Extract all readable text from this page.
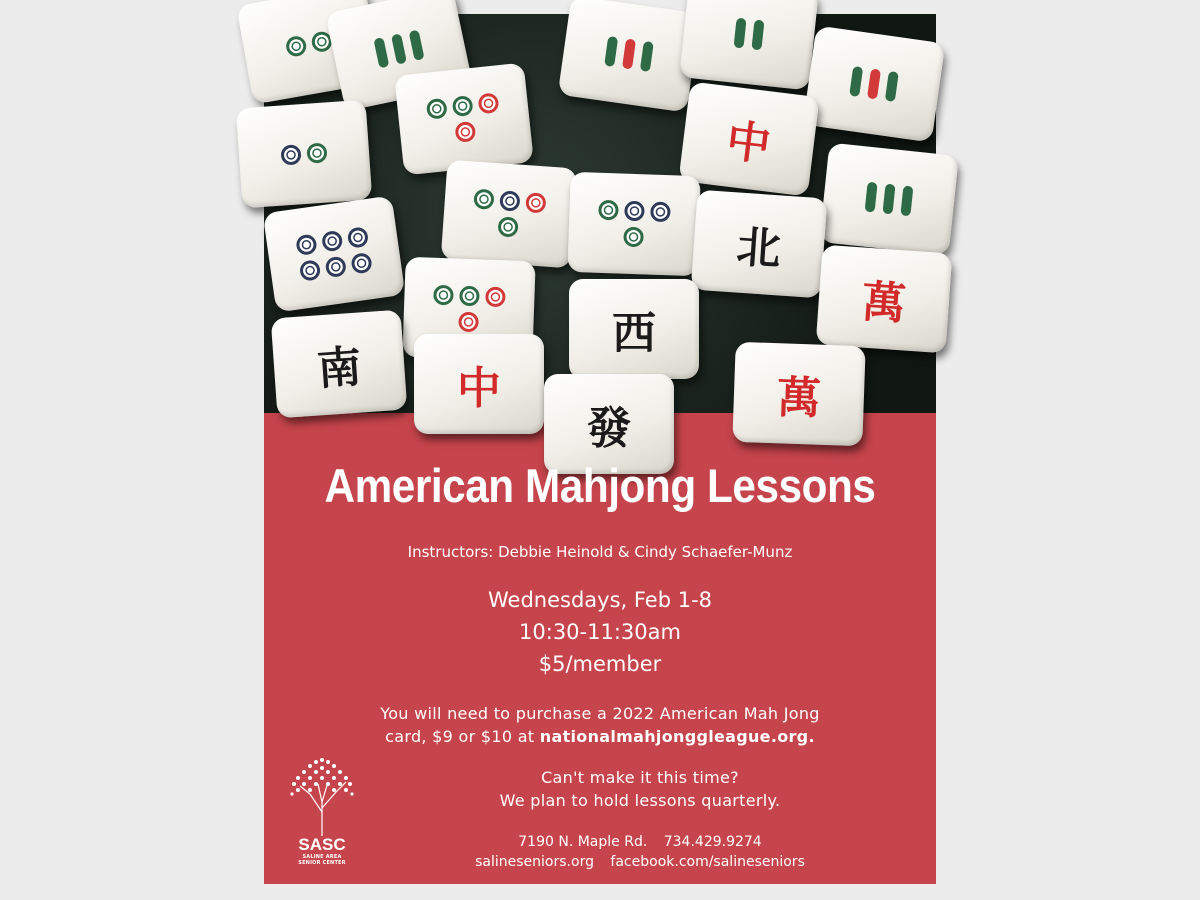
中
北
萬
西
南	中
發
萬
American Mahjong Lessons
Instructors: Debbie Heinold & Cindy Schaefer-Munz
Wednesdays, Feb 1-8
10:30-11:30am
$5/member
You will need to purchase a 2022 American Mah Jong
card, $9 or $10 at nationalmahjonggleague.org.
Can't make it this time?
We plan to hold lessons quarterly.
7190 N. Maple Rd. 734.429.9274
salineseniors.org facebook.com/salineseniors
SASC
SALINE AREA
SENIOR CENTER
